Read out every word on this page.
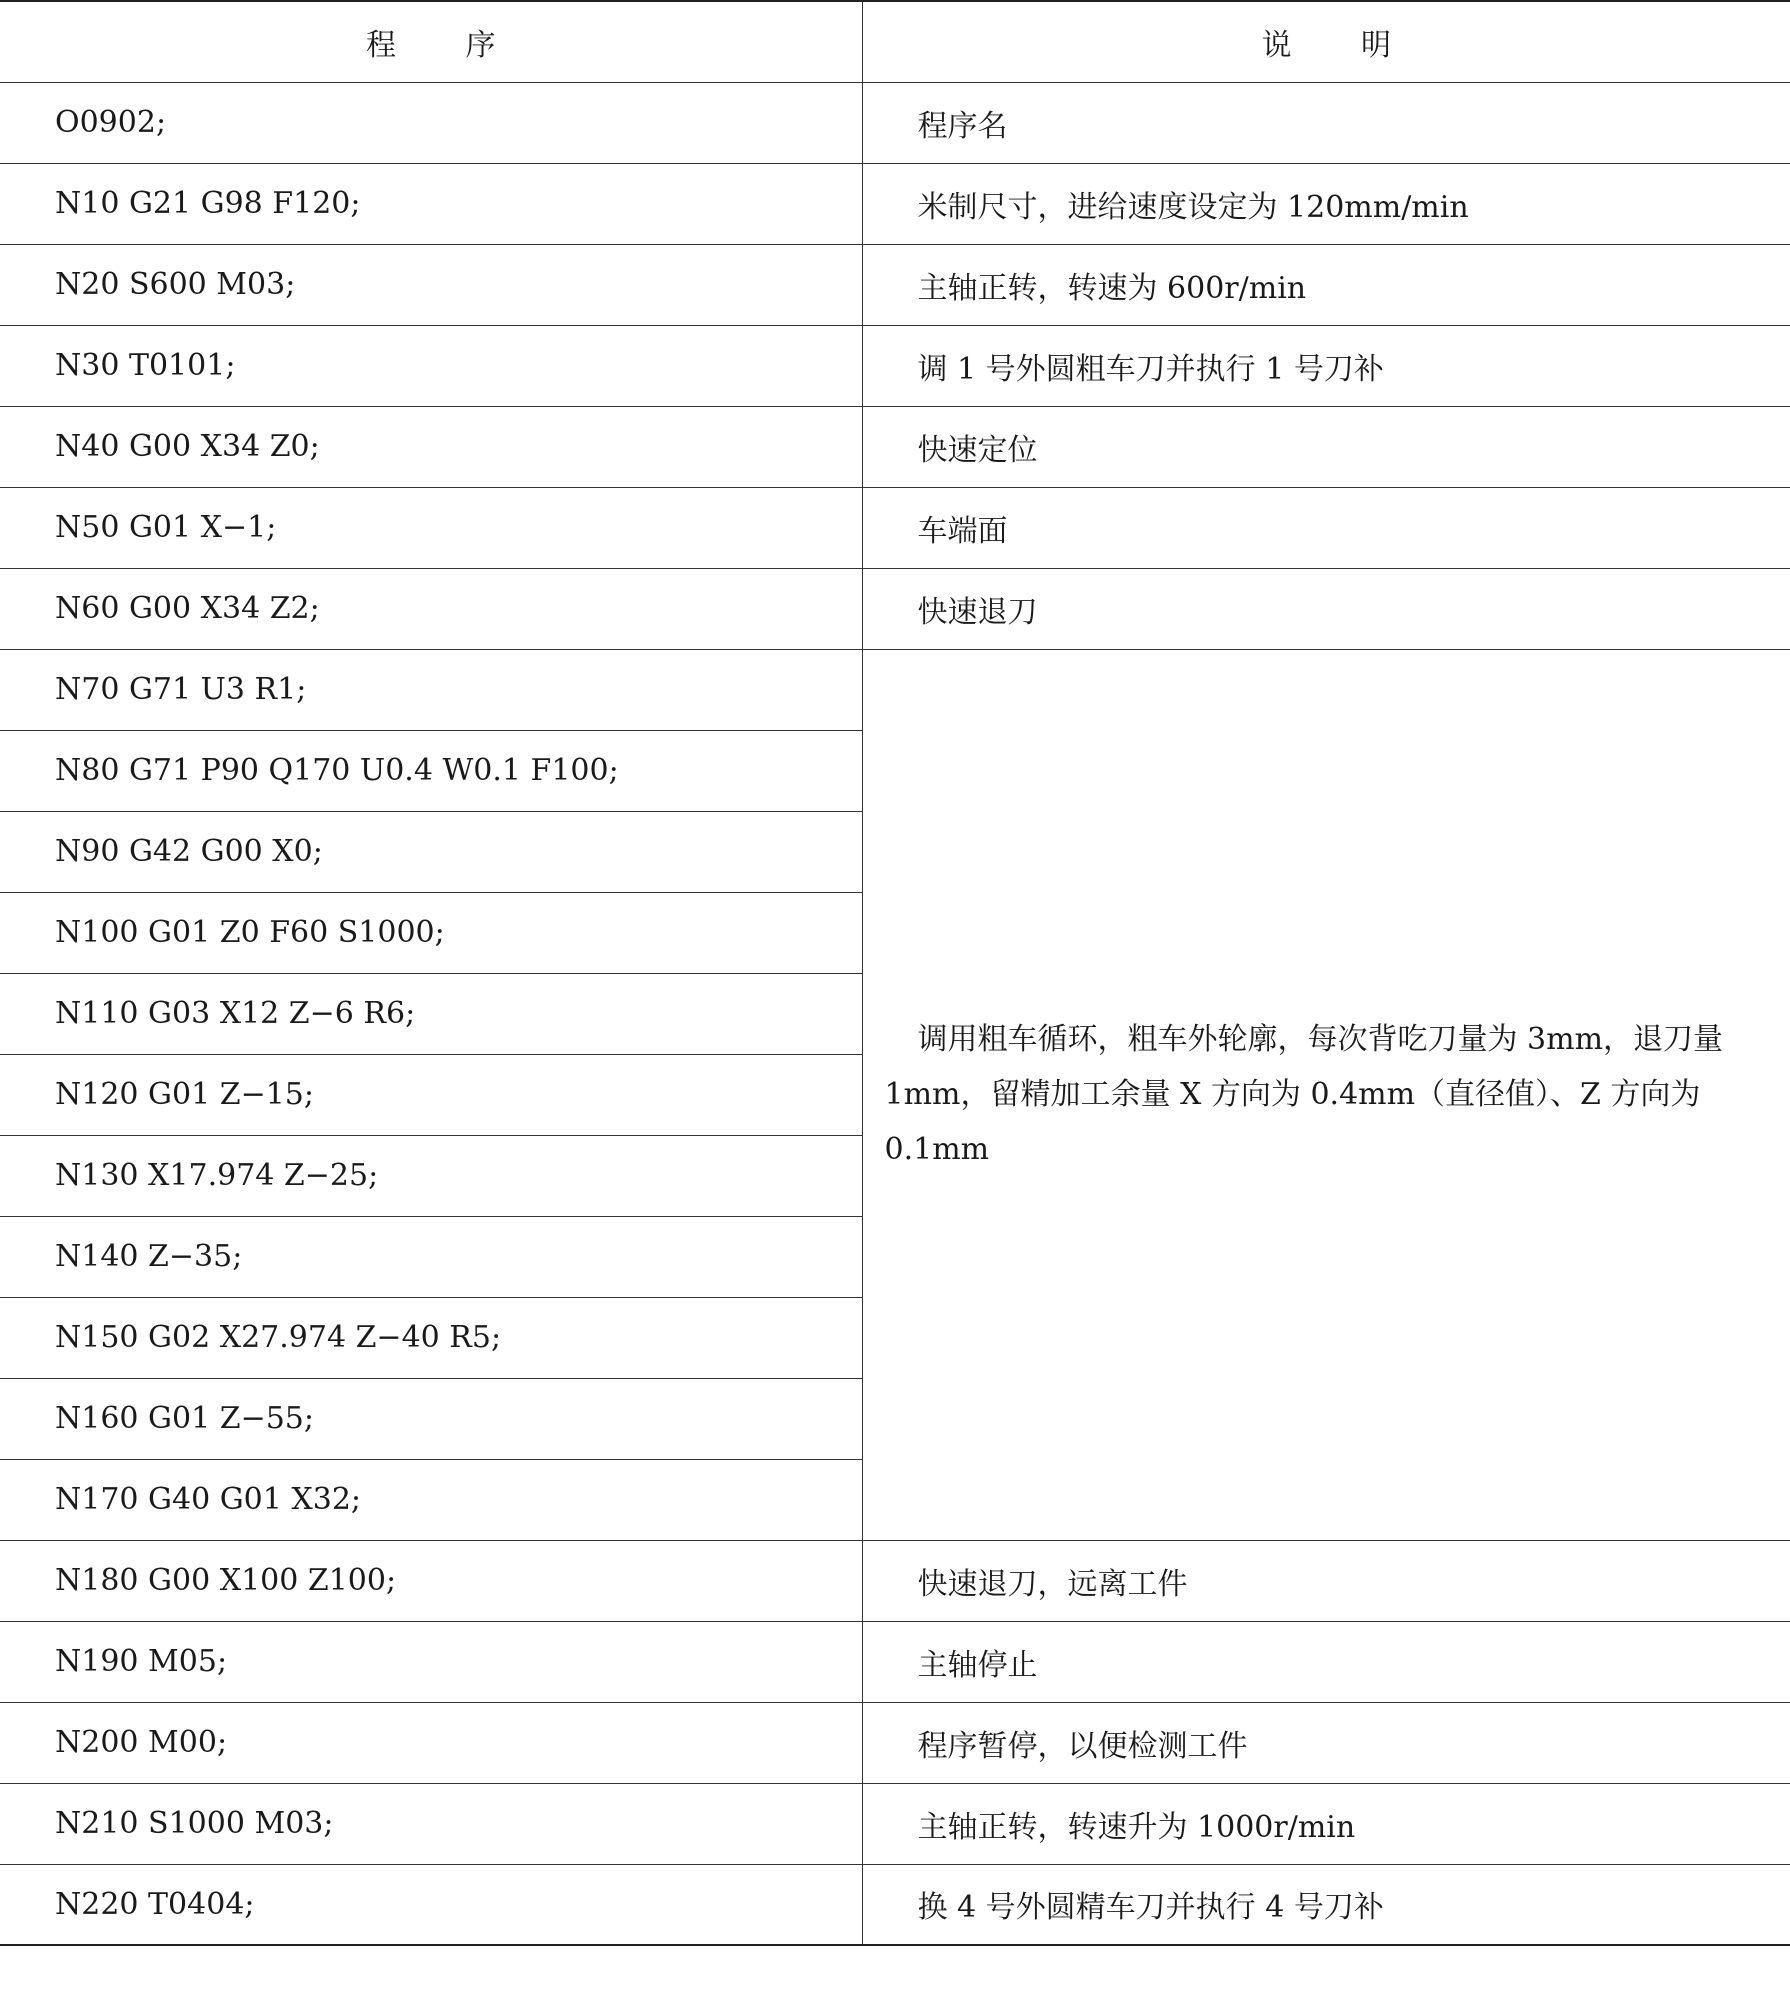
程 序	说 明
O0902;	程序名
N10 G21 G98 F120;	米制尺寸，进给速度设定为 120mm/min
N20 S600 M03;	主轴正转，转速为 600r/min
N30 T0101;	调 1 号外圆粗车刀并执行 1 号刀补
N40 G00 X34 Z0;	快速定位
N50 G01 X−1;	车端面
N60 G00 X34 Z2;	快速退刀
N70 G71 U3 R1;	调用粗车循环，粗车外轮廓，每次背吃刀量为 3mm，退刀量 1mm，留精加工余量 X 方向为 0.4mm（直径值）、Z 方向为 0.1mm
N80 G71 P90 Q170 U0.4 W0.1 F100;	
N90 G42 G00 X0;	
N100 G01 Z0 F60 S1000;	
N110 G03 X12 Z−6 R6;	
N120 G01 Z−15;	
N130 X17.974 Z−25;	
N140 Z−35;	
N150 G02 X27.974 Z−40 R5;	
N160 G01 Z−55;	
N170 G40 G01 X32;	
N180 G00 X100 Z100;	快速退刀，远离工件
N190 M05;	主轴停止
N200 M00;	程序暂停，以便检测工件
N210 S1000 M03;	主轴正转，转速升为 1000r/min
N220 T0404;	换 4 号外圆精车刀并执行 4 号刀补
